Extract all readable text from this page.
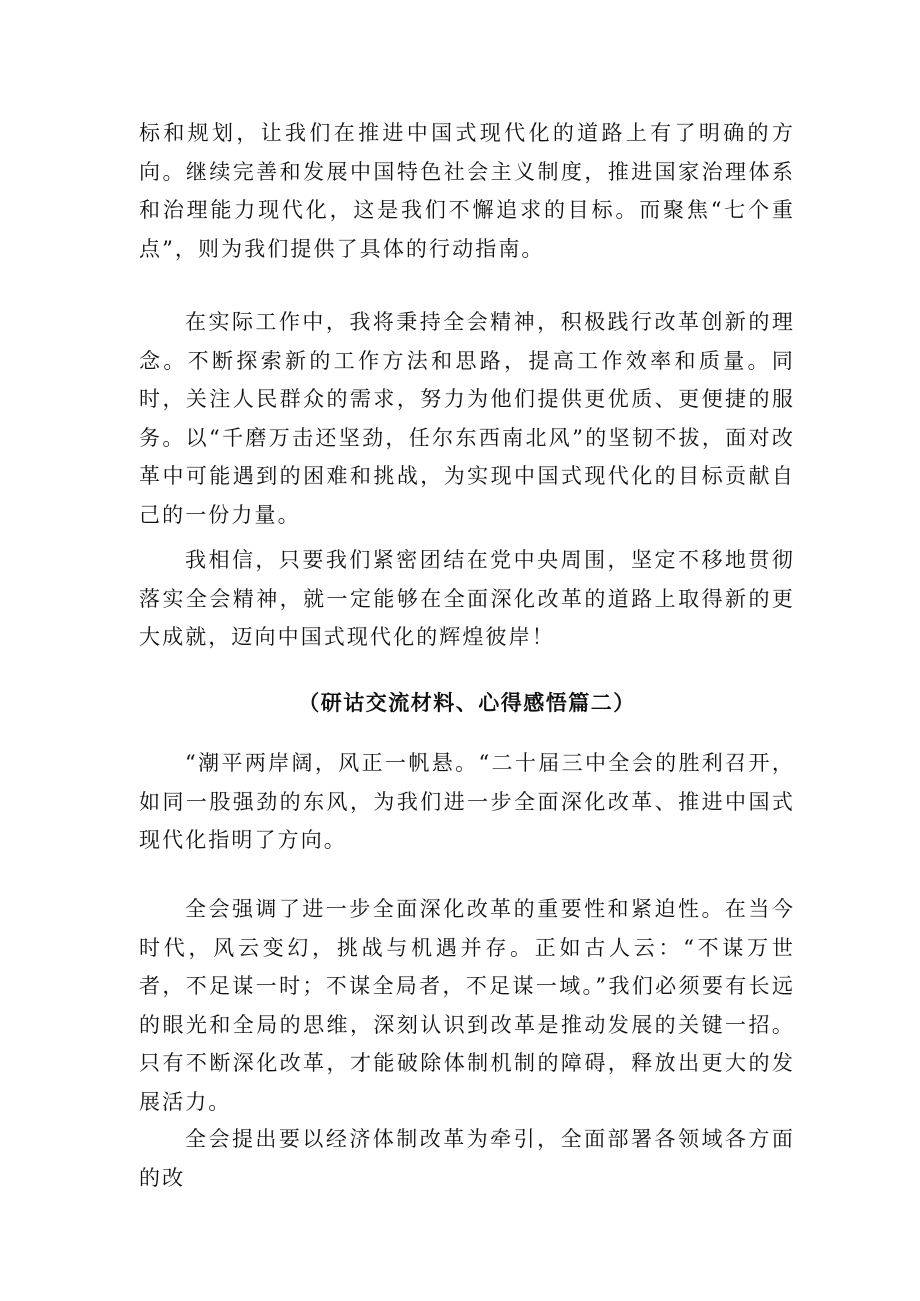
标和规划，让我们在推进中国式现代化的道路上有了明确的方向。继续完善和发展中国特色社会主义制度，推进国家治理体系和治理能力现代化，这是我们不懈追求的目标。而聚焦“七个重点”，则为我们提供了具体的行动指南。

在实际工作中，我将秉持全会精神，积极践行改革创新的理念。不断探索新的工作方法和思路，提高工作效率和质量。同时，关注人民群众的需求，努力为他们提供更优质、更便捷的服务。以“千磨万击还坚劲，任尔东西南北风”的坚韧不拔，面对改革中可能遇到的困难和挑战，为实现中国式现代化的目标贡献自己的一份力量。

我相信，只要我们紧密团结在党中央周围，坚定不移地贯彻落实全会精神，就一定能够在全面深化改革的道路上取得新的更大成就，迈向中国式现代化的辉煌彼岸！

（研诂交流材料、心得感悟篇二）

“潮平两岸阔，风正一帆悬。“二十届三中全会的胜利召开，如同一股强劲的东风，为我们进一步全面深化改革、推进中国式现代化指明了方向。

全会强调了进一步全面深化改革的重要性和紧迫性。在当今时代，风云变幻，挑战与机遇并存。正如古人云：“不谋万世者，不足谋一时；不谋全局者，不足谋一域。”我们必须要有长远的眼光和全局的思维，深刻认识到改革是推动发展的关键一招。只有不断深化改革，才能破除体制机制的障碍，释放出更大的发展活力。

全会提出要以经济体制改革为牵引，全面部署各领域各方面的改
